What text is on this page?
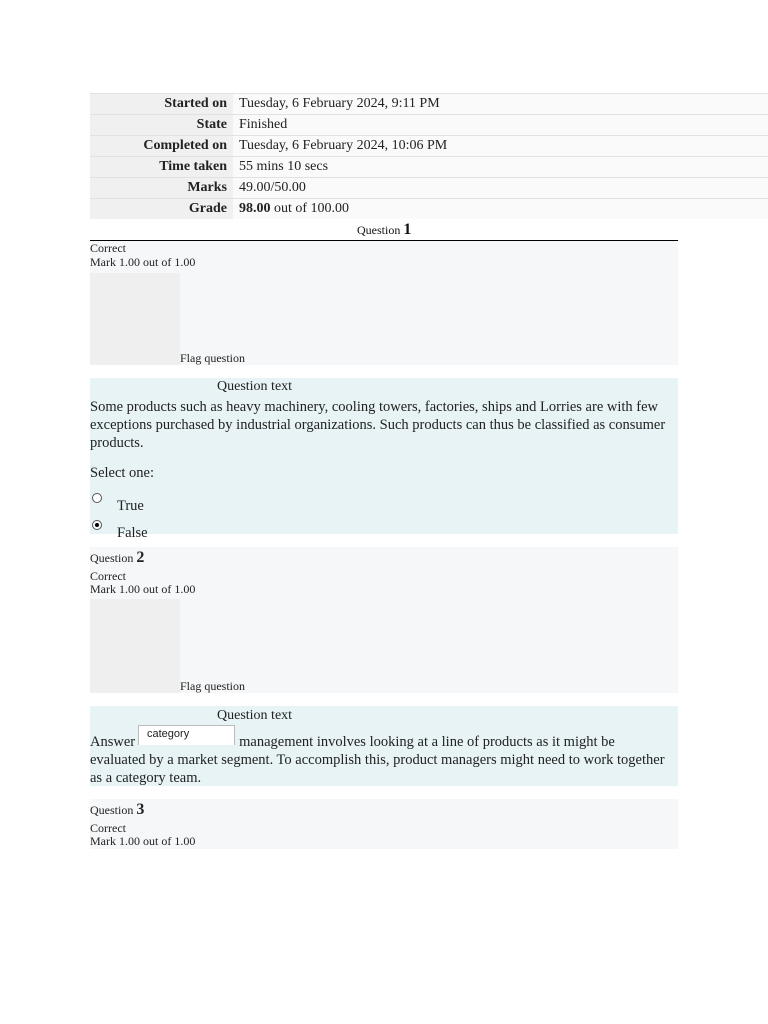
Started on	Tuesday, 6 February 2024, 9:11 PM
State	Finished
Completed on	Tuesday, 6 February 2024, 10:06 PM
Time taken	55 mins 10 secs
Marks	49.00/50.00
Grade	98.00 out of 100.00
Question 1
Correct
Mark 1.00 out of 1.00
Flag question
Question text
Some products such as heavy machinery, cooling towers, factories, ships and Lorries are with few exceptions purchased by industrial organizations. Such products can thus be classified as consumer products.
Select one:
True
False
Question 2
Correct
Mark 1.00 out of 1.00
Flag question
Question text
category
Answer	management involves looking at a line of products as it might be evaluated by a market segment. To accomplish this, product managers might need to work together as a category team.
Question 3
Correct
Mark 1.00 out of 1.00
